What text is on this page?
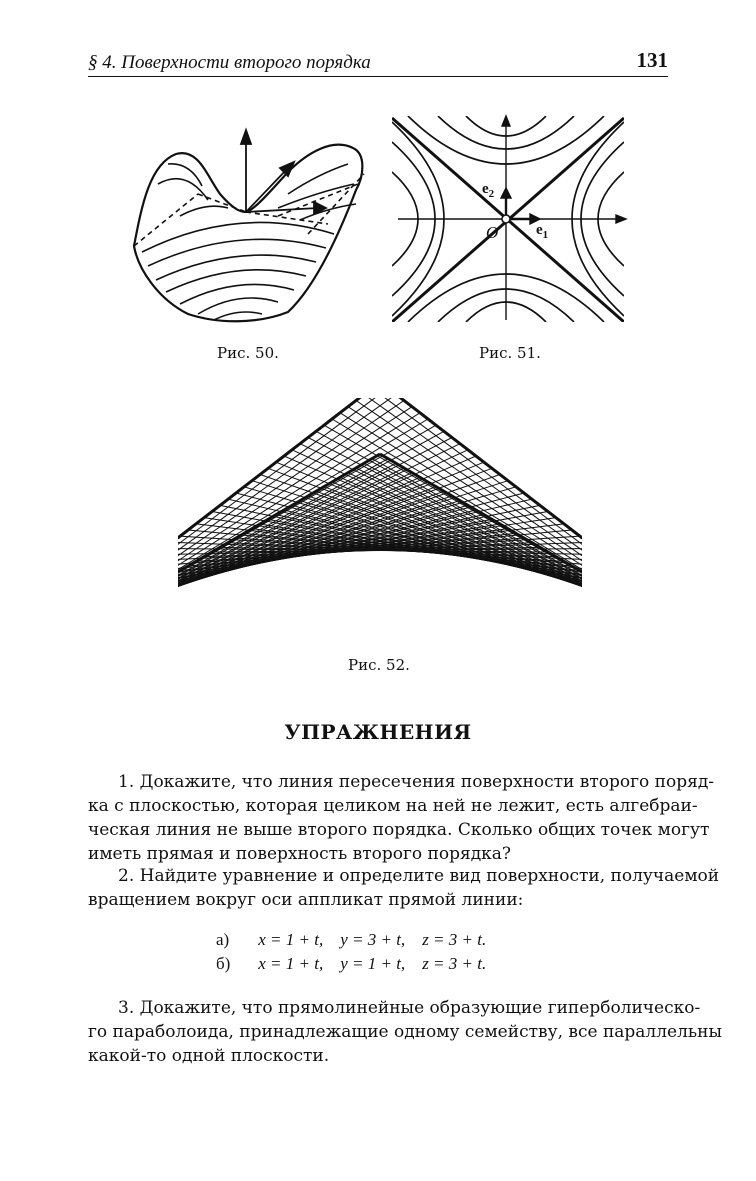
§ 4. Поверхности второго порядка	131
Рис. 50.
$e_2$
$e_1$
O
Рис. 51.
Рис. 52.
УПРАЖНЕНИЯ
1. Докажите, что линия пересечения поверхности второго поряд-
ка с плоскостью, которая целиком на ней не лежит, есть алгебраи-
ческая линия не выше второго порядка. Сколько общих точек могут
иметь прямая и поверхность второго порядка?
2. Найдите уравнение и определите вид поверхности, получаемой
вращением вокруг оси аппликат прямой линии:
а) x = 1 + t, y = 3 + t, z = 3 + t.
б) x = 1 + t, y = 1 + t, z = 3 + t.
3. Докажите, что прямолинейные образующие гиперболическо-
го параболоида, принадлежащие одному семейству, все параллельны
какой-то одной плоскости.
